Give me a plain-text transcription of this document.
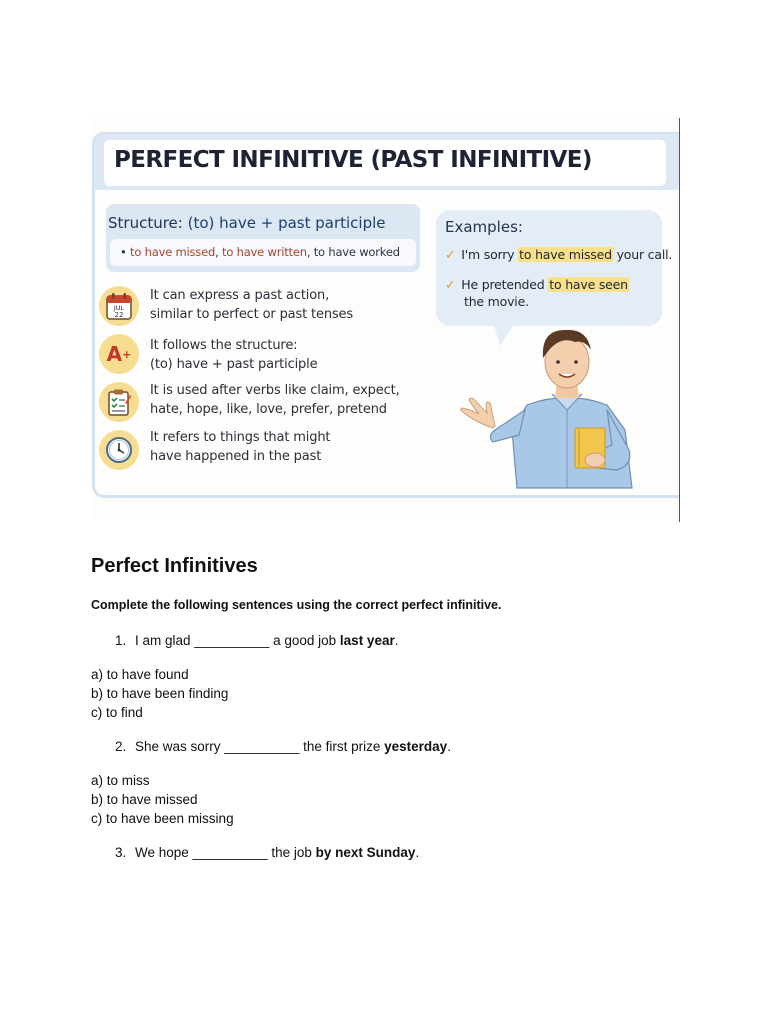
PERFECT INFINITIVE (PAST INFINITIVE)
Structure: (to) have + past participle
• to have missed, to have written, to have worked
JUL
22
It can express a past action,
similar to perfect or past tenses
A +
It follows the structure:
(to) have + past participle
It is used after verbs like claim, expect,
hate, hope, like, love, prefer, pretend
It refers to things that might
have happened in the past
Examples:
✓ I'm sorry to have missed your call.
✓ He pretended to have seen
the movie.
Perfect Infinitives
Complete the following sentences using the correct perfect infinitive.
1. I am glad __________ a good job last year.
a) to have found
b) to have been finding
c) to find
2. She was sorry __________ the first prize yesterday.
a) to miss
b) to have missed
c) to have been missing
3. We hope __________ the job by next Sunday.
